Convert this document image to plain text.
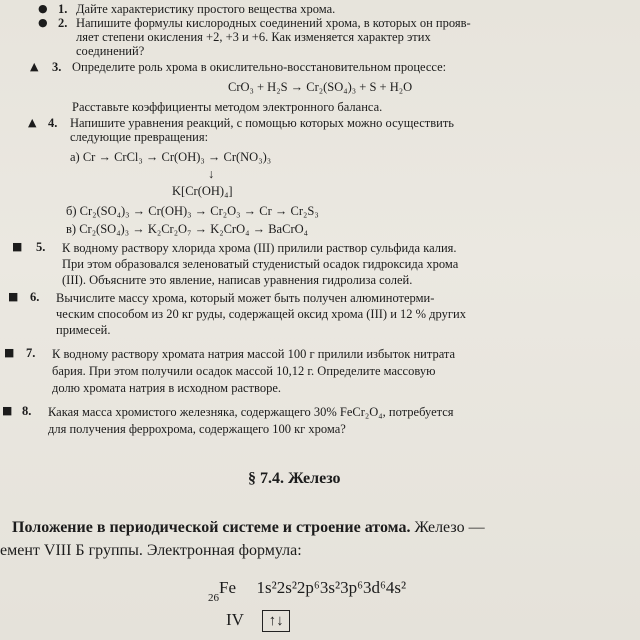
● 1. Дайте характеристику простого вещества хрома.
● 2. Напишите формулы кислородных соединений хрома, в которых он прояв-
ляет степени окисления +2, +3 и +6. Как изменяется характер этих
соединений?
▲ 3. Определите роль хрома в окислительно-восстановительном процессе:
CrO₃ + H₂S → Cr₂(SO₄)₃ + S + H₂O
Расставьте коэффициенты методом электронного баланса.
▲ 4. Напишите уравнения реакций, с помощью которых можно осуществить
следующие превращения:
а) Cr → CrCl₃ → Cr(OH)₃ → Cr(NO₃)₃
↓
K[Cr(OH)₄]
б) Cr₂(SO₄)₃ → Cr(OH)₃ → Cr₂O₃ → Cr → Cr₂S₃
в) Cr₂(SO₄)₃ → K₂Cr₂O₇ → K₂CrO₄ → BaCrO₄
■ 5. К водному раствору хлорида хрома (III) прилили раствор сульфида калия.
При этом образовался зеленоватый студенистый осадок гидроксида хрома
(III). Объясните это явление, написав уравнения гидролиза солей.
■ 6. Вычислите массу хрома, который может быть получен алюминотерми-
ческим способом из 20 кг руды, содержащей оксид хрома (III) и 12 % других
примесей.
■ 7. К водному раствору хромата натрия массой 100 г прилили избыток нитрата
бария. При этом получили осадок массой 10,12 г. Определите массовую
долю хромата натрия в исходном растворе.
■ 8. Какая масса хромистого железняка, содержащего 30% FeCr₂O₄, потребуется
для получения феррохрома, содержащего 100 кг хрома?
§ 7.4. Железо
Положение в периодической системе и строение атома. Железо —
емент VIII Б группы. Электронная формула:
$_{26}$Fe 1s²2s²2p⁶3s²3p⁶3d⁶4s²
IV ↑↓
